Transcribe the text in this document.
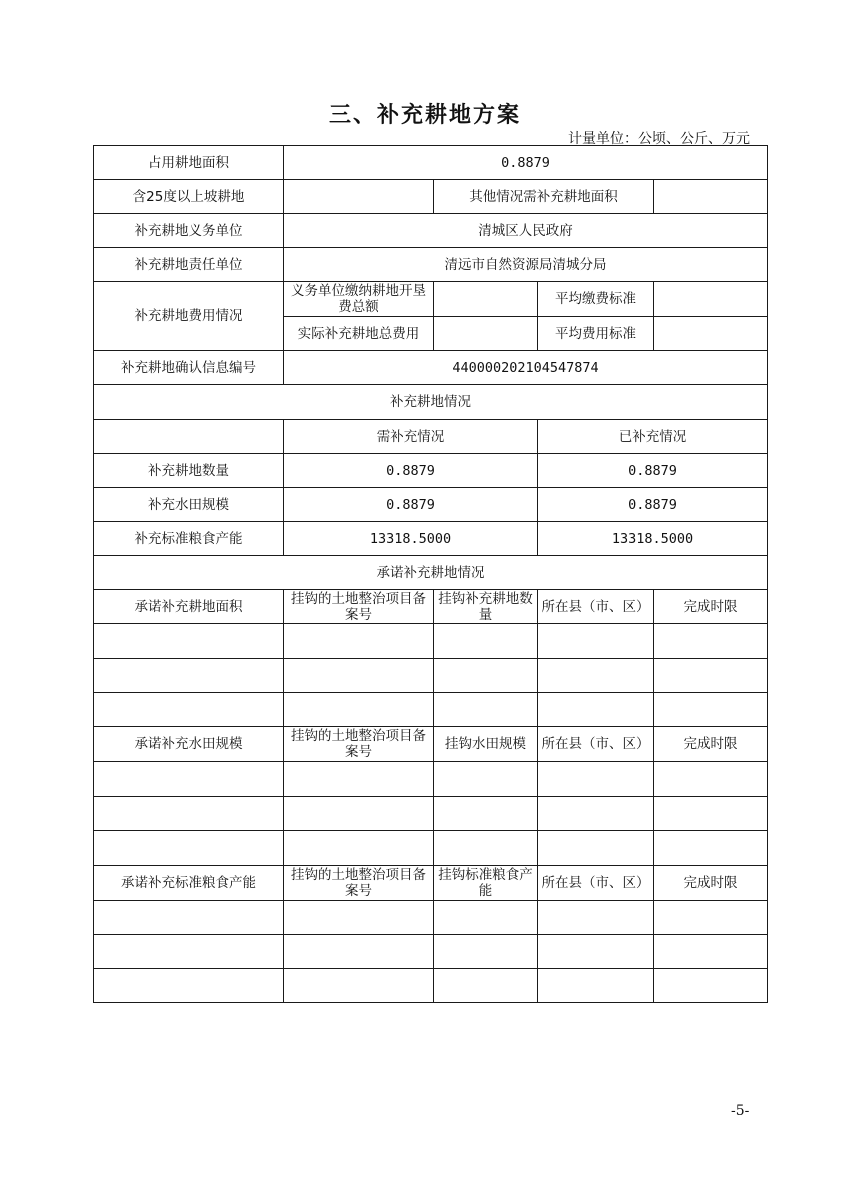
三、补充耕地方案
计量单位：公顷、公斤、万元
占用耕地面积	0.8879			
含25度以上坡耕地		其他情况需补充耕地面积		
补充耕地义务单位	清城区人民政府			
补充耕地责任单位	清远市自然资源局清城分局			
补充耕地费用情况	义务单位缴纳耕地开垦费总额		平均缴费标准	
	实际补充耕地总费用		平均费用标准	
补充耕地确认信息编号	440000202104547874			
补充耕地情况				
	需补充情况		已补充情况	
补充耕地数量	0.8879		0.8879	
补充水田规模	0.8879		0.8879	
补充标准粮食产能	13318.5000		13318.5000	
承诺补充耕地情况				
承诺补充耕地面积	挂钩的土地整治项目备案号	挂钩补充耕地数量	所在县（市、区）	完成时限

承诺补充水田规模	挂钩的土地整治项目备案号	挂钩水田规模	所在县（市、区）	完成时限

承诺补充标准粮食产能	挂钩的土地整治项目备案号	挂钩标准粮食产能	所在县（市、区）	完成时限

-5-
